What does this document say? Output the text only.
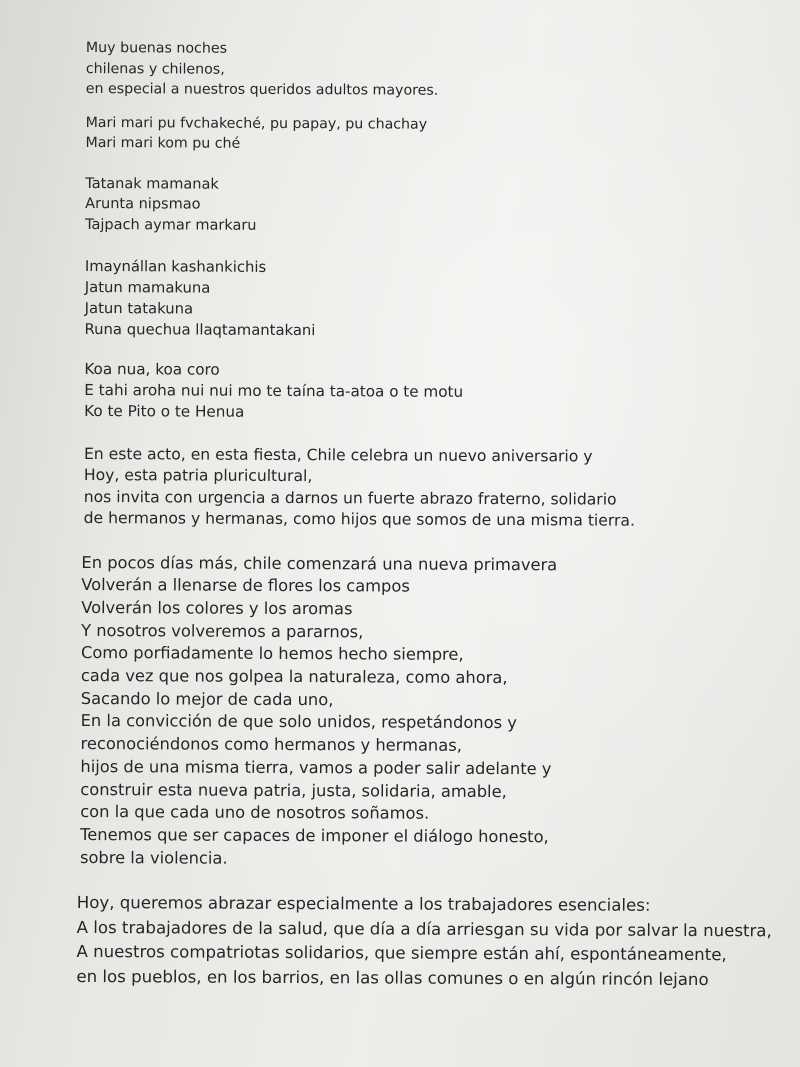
Muy buenas noches
chilenas y chilenos,
en especial a nuestros queridos adultos mayores.
Mari mari pu fvchakeché, pu papay, pu chachay
Mari mari kom pu ché
Tatanak mamanak
Arunta nipsmao
Tajpach aymar markaru
Imaynállan kashankichis
Jatun mamakuna
Jatun tatakuna
Runa quechua llaqtamantakani
Koa nua, koa coro
E tahi aroha nui nui mo te taína ta-atoa o te motu
Ko te Pito o te Henua
En este acto, en esta fiesta, Chile celebra un nuevo aniversario y
Hoy, esta patria pluricultural,
nos invita con urgencia a darnos un fuerte abrazo fraterno, solidario
de hermanos y hermanas, como hijos que somos de una misma tierra.
En pocos días más, chile comenzará una nueva primavera
Volverán a llenarse de flores los campos
Volverán los colores y los aromas
Y nosotros volveremos a pararnos,
Como porfiadamente lo hemos hecho siempre,
cada vez que nos golpea la naturaleza, como ahora,
Sacando lo mejor de cada uno,
En la convicción de que solo unidos, respetándonos y
reconociéndonos como hermanos y hermanas,
hijos de una misma tierra, vamos a poder salir adelante y
construir esta nueva patria, justa, solidaria, amable,
con la que cada uno de nosotros soñamos.
Tenemos que ser capaces de imponer el diálogo honesto,
sobre la violencia.
Hoy, queremos abrazar especialmente a los trabajadores esenciales:
A los trabajadores de la salud, que día a día arriesgan su vida por salvar la nuestra,
A nuestros compatriotas solidarios, que siempre están ahí, espontáneamente,
en los pueblos, en los barrios, en las ollas comunes o en algún rincón lejano
